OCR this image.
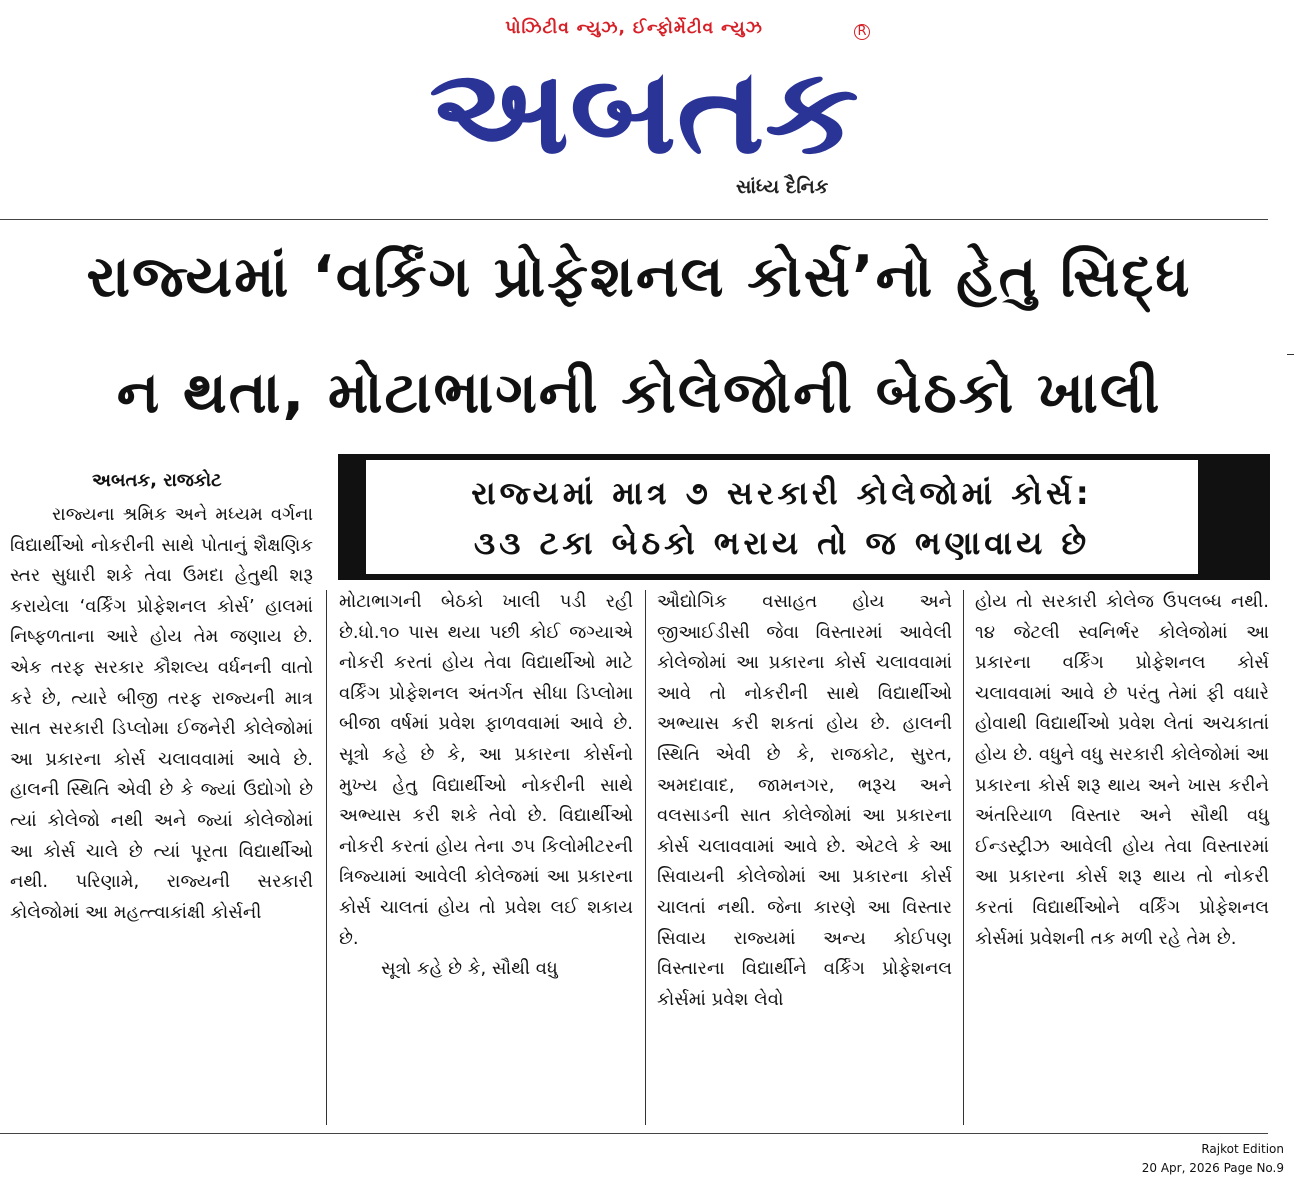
પોઝિટીવ ન્યુઝ, ઈન્ફોર્મેટીવ ન્યુઝ
અબતક
R
સાંધ્ય દૈનિક
રાજ્યમાં ‘વર્કિંગ પ્રોફેશનલ કોર્સ’નો હેતુ સિદ્ધ
ન થતા, મોટાભાગની કોલેજોની બેઠકો ખાલી
રાજ્યમાં માત્ર ૭ સરકારી કોલેજોમાં કોર્સ:
૩૩ ટકા બેઠકો ભરાય તો જ ભણાવાય છે
અબતક, રાજકોટ

રાજ્યના શ્રમિક અને મધ્યમ વર્ગના વિદ્યાર્થીઓ નોકરીની સાથે પોતાનું શૈક્ષણિક સ્તર સુધારી શકે તેવા ઉમદા હેતુથી શરૂ કરાયેલા ‘વર્કિંગ પ્રોફેશનલ કોર્સ’ હાલમાં નિષ્ફળતાના આરે હોય તેમ જણાય છે. એક તરફ સરકાર કૌશલ્ય વર્ધનની વાતો કરે છે, ત્યારે બીજી તરફ રાજ્યની માત્ર સાત સરકારી ડિપ્લોમા ઈજનેરી કોલેજોમાં આ પ્રકારના કોર્સ ચલાવવામાં આવે છે. હાલની સ્થિતિ એવી છે કે જ્યાં ઉદ્યોગો છે ત્યાં કોલેજો નથી અને જ્યાં કોલેજોમાં આ કોર્સ ચાલે છે ત્યાં પૂરતા વિદ્યાર્થીઓ નથી. પરિણામે, રાજ્યની સરકારી કોલેજોમાં આ મહત્ત્વાકાંક્ષી કોર્સની

મોટાભાગની બેઠકો ખાલી પડી રહી છે.ધો.૧૦ પાસ થયા પછી કોઈ જગ્યાએ નોકરી કરતાં હોય તેવા વિદ્યાર્થીઓ માટે વર્કિંગ પ્રોફેશનલ અંતર્ગત સીધા ડિપ્લોમા બીજા વર્ષમાં પ્રવેશ ફાળવવામાં આવે છે. સૂત્રો કહે છે કે, આ પ્રકારના કોર્સનો મુખ્ય હેતુ વિદ્યાર્થીઓ નોકરીની સાથે અભ્યાસ કરી શકે તેવો છે. વિદ્યાર્થીઓ નોકરી કરતાં હોય તેના ૭૫ કિલોમીટરની ત્રિજ્યામાં આવેલી કોલેજમાં આ પ્રકારના કોર્સ ચાલતાં હોય તો પ્રવેશ લઈ શકાય છે.

સૂત્રો કહે છે કે, સૌથી વધુ

ઔદ્યોગિક વસાહત હોય અને જીઆઈડીસી જેવા વિસ્તારમાં આવેલી કોલેજોમાં આ પ્રકારના કોર્સ ચલાવવામાં આવે તો નોકરીની સાથે વિદ્યાર્થીઓ અભ્યાસ કરી શકતાં હોય છે. હાલની સ્થિતિ એવી છે કે, રાજકોટ, સુરત, અમદાવાદ, જામનગર, ભરૂચ અને વલસાડની સાત કોલેજોમાં આ પ્રકારના કોર્સ ચલાવવામાં આવે છે. એટલે કે આ સિવાયની કોલેજોમાં આ પ્રકારના કોર્સ ચાલતાં નથી. જેના કારણે આ વિસ્તાર સિવાય રાજ્યમાં અન્ય કોઈપણ વિસ્તારના વિદ્યાર્થીને વર્કિંગ પ્રોફેશનલ કોર્સમાં પ્રવેશ લેવો

હોય તો સરકારી કોલેજ ઉપલબ્ધ નથી. ૧૪ જેટલી સ્વનિર્ભર કોલેજોમાં આ પ્રકારના વર્કિંગ પ્રોફેશનલ કોર્સ ચલાવવામાં આવે છે પરંતુ તેમાં ફી વધારે હોવાથી વિદ્યાર્થીઓ પ્રવેશ લેતાં અચકાતાં હોય છે. વધુને વધુ સરકારી કોલેજોમાં આ પ્રકારના કોર્સ શરૂ થાય અને ખાસ કરીને અંતરિયાળ વિસ્તાર અને સૌથી વધુ ઈન્ડસ્ટ્રીઝ આવેલી હોય તેવા વિસ્તારમાં આ પ્રકારના કોર્સ શરૂ થાય તો નોકરી કરતાં વિદ્યાર્થીઓને વર્કિંગ પ્રોફેશનલ કોર્સમાં પ્રવેશની તક મળી રહે તેમ છે.

Rajkot Edition
20 Apr, 2026 Page No.9
